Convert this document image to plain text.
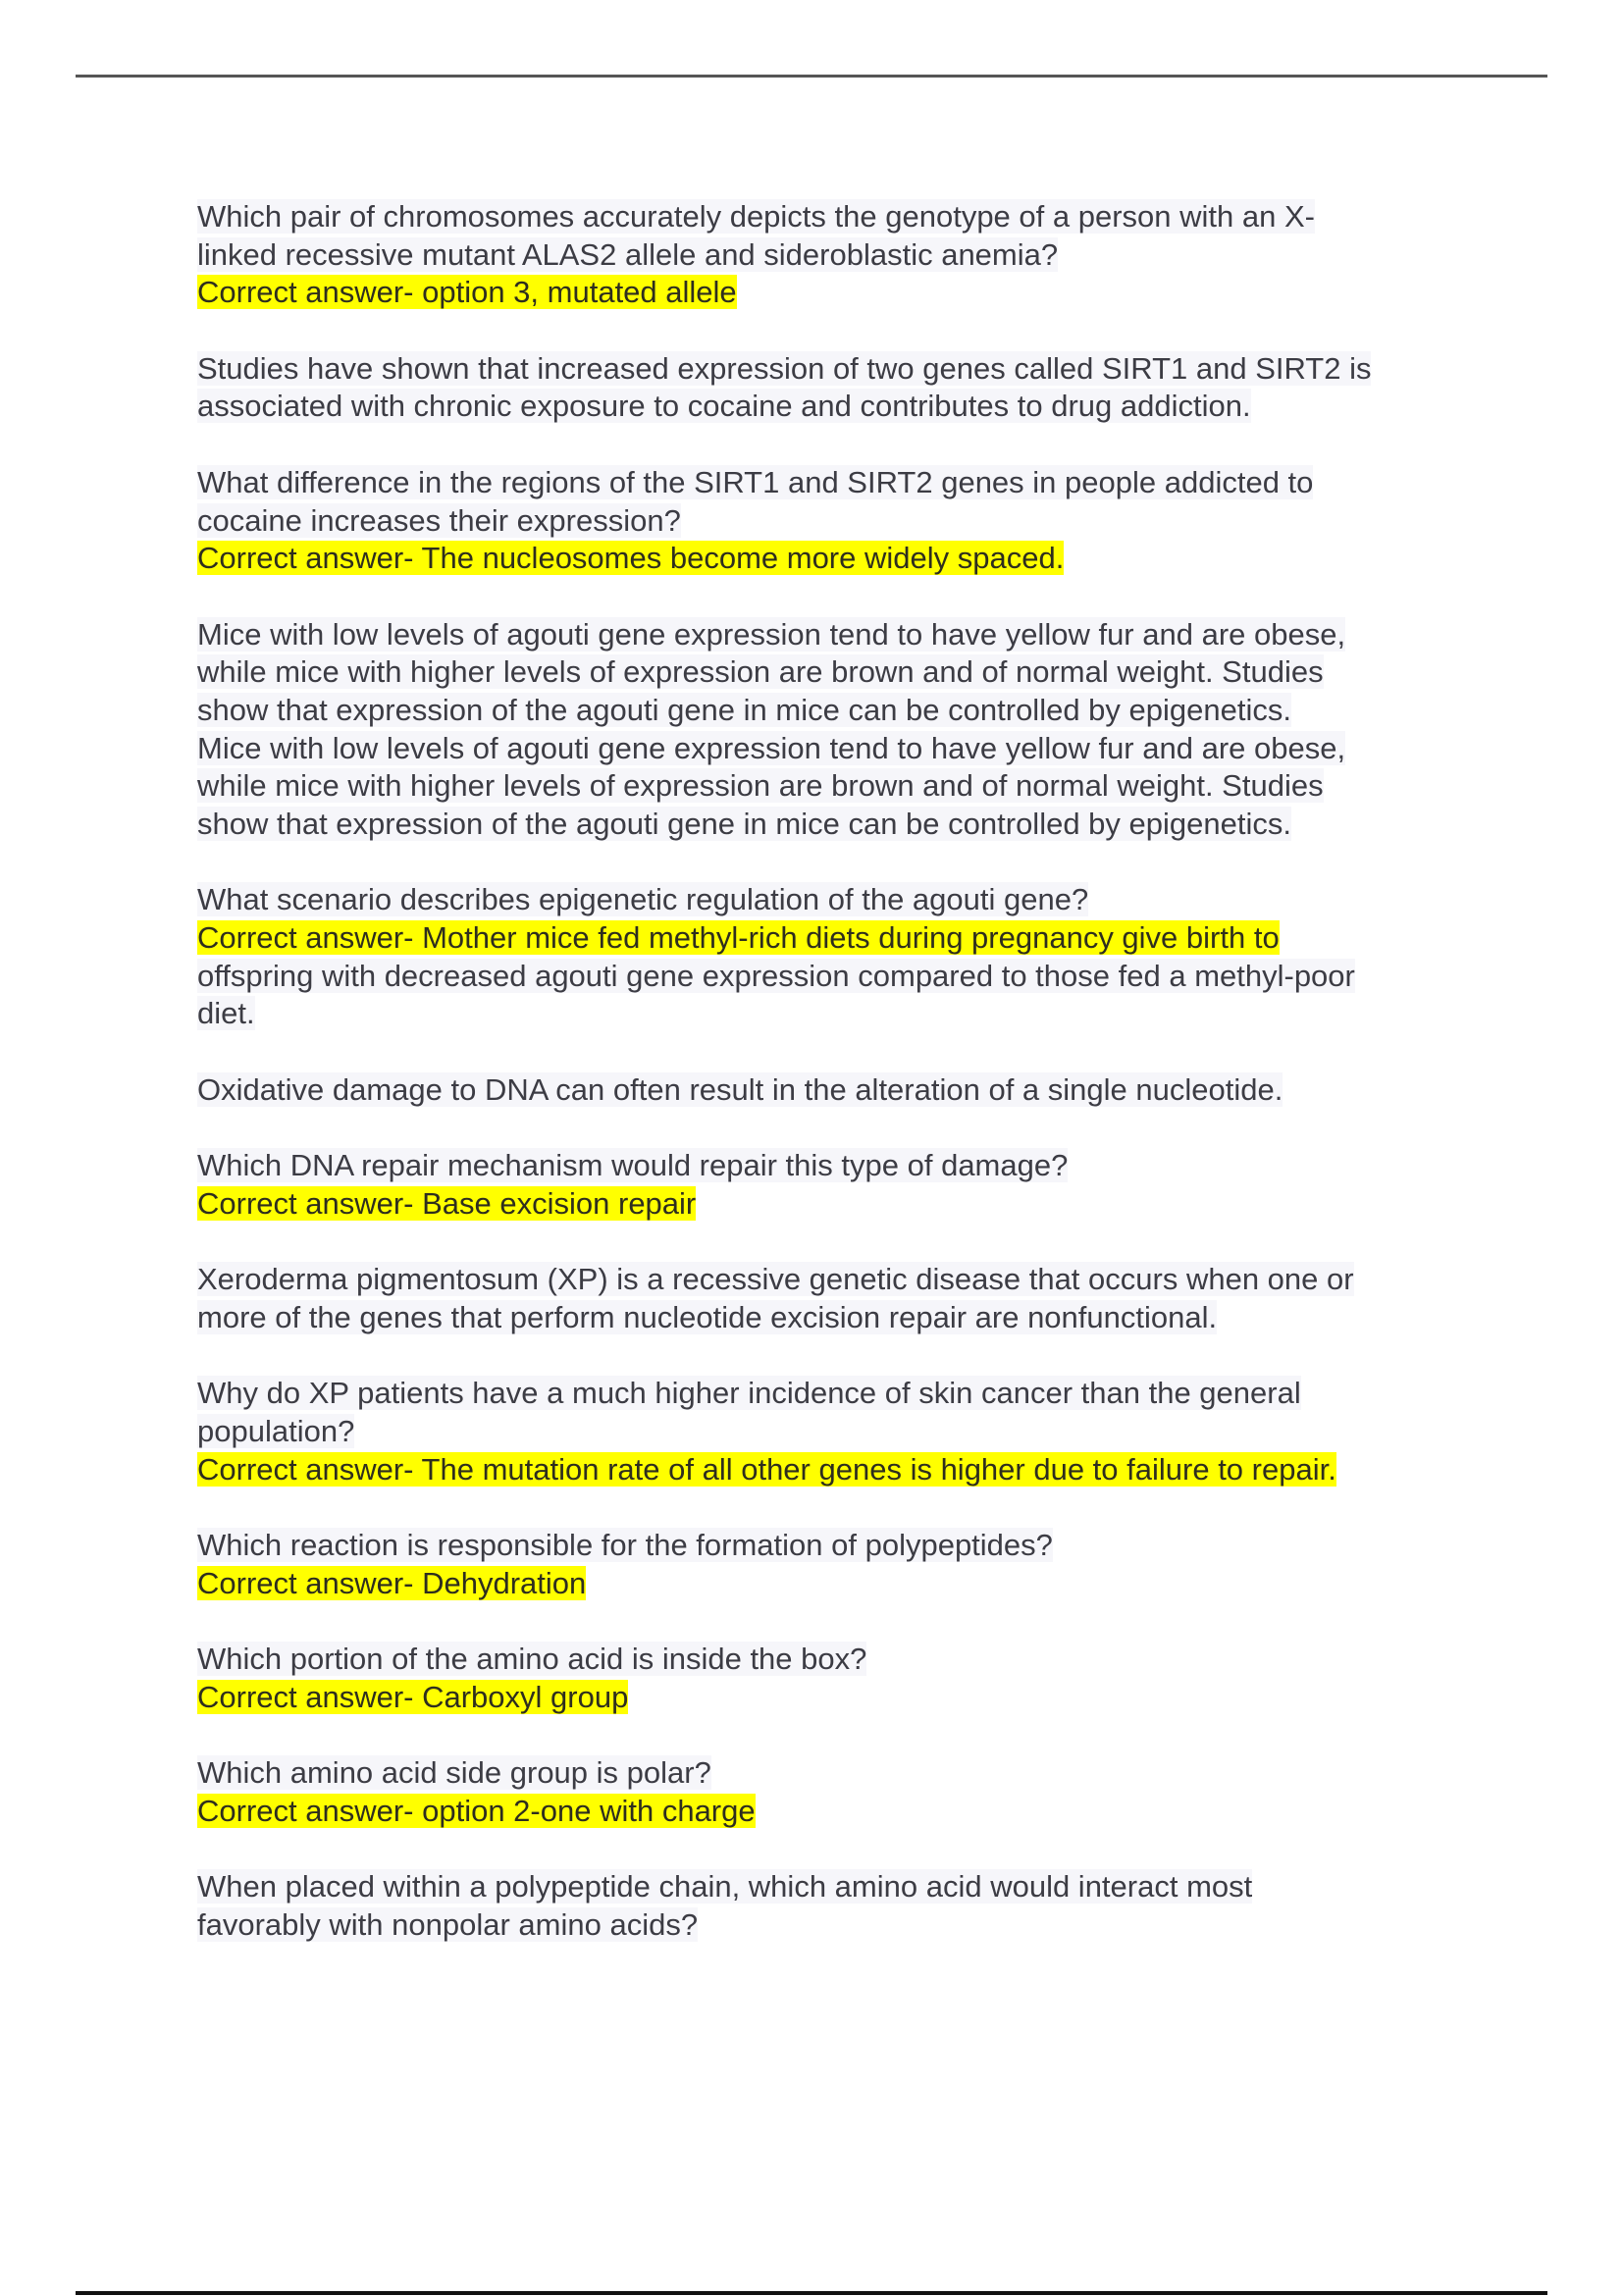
Which pair of chromosomes accurately depicts the genotype of a person with an X-
linked recessive mutant ALAS2 allele and sideroblastic anemia?
Correct answer- option 3, mutated allele
Studies have shown that increased expression of two genes called SIRT1 and SIRT2 is
associated with chronic exposure to cocaine and contributes to drug addiction.
What difference in the regions of the SIRT1 and SIRT2 genes in people addicted to
cocaine increases their expression?
Correct answer- The nucleosomes become more widely spaced.
Mice with low levels of agouti gene expression tend to have yellow fur and are obese,
while mice with higher levels of expression are brown and of normal weight. Studies
show that expression of the agouti gene in mice can be controlled by epigenetics.
Mice with low levels of agouti gene expression tend to have yellow fur and are obese,
while mice with higher levels of expression are brown and of normal weight. Studies
show that expression of the agouti gene in mice can be controlled by epigenetics.
What scenario describes epigenetic regulation of the agouti gene?
Correct answer- Mother mice fed methyl-rich diets during pregnancy give birth to
offspring with decreased agouti gene expression compared to those fed a methyl-poor
diet.
Oxidative damage to DNA can often result in the alteration of a single nucleotide.
Which DNA repair mechanism would repair this type of damage?
Correct answer- Base excision repair
Xeroderma pigmentosum (XP) is a recessive genetic disease that occurs when one or
more of the genes that perform nucleotide excision repair are nonfunctional.
Why do XP patients have a much higher incidence of skin cancer than the general
population?
Correct answer- The mutation rate of all other genes is higher due to failure to repair.
Which reaction is responsible for the formation of polypeptides?
Correct answer- Dehydration
Which portion of the amino acid is inside the box?
Correct answer- Carboxyl group
Which amino acid side group is polar?
Correct answer- option 2-one with charge
When placed within a polypeptide chain, which amino acid would interact most
favorably with nonpolar amino acids?
